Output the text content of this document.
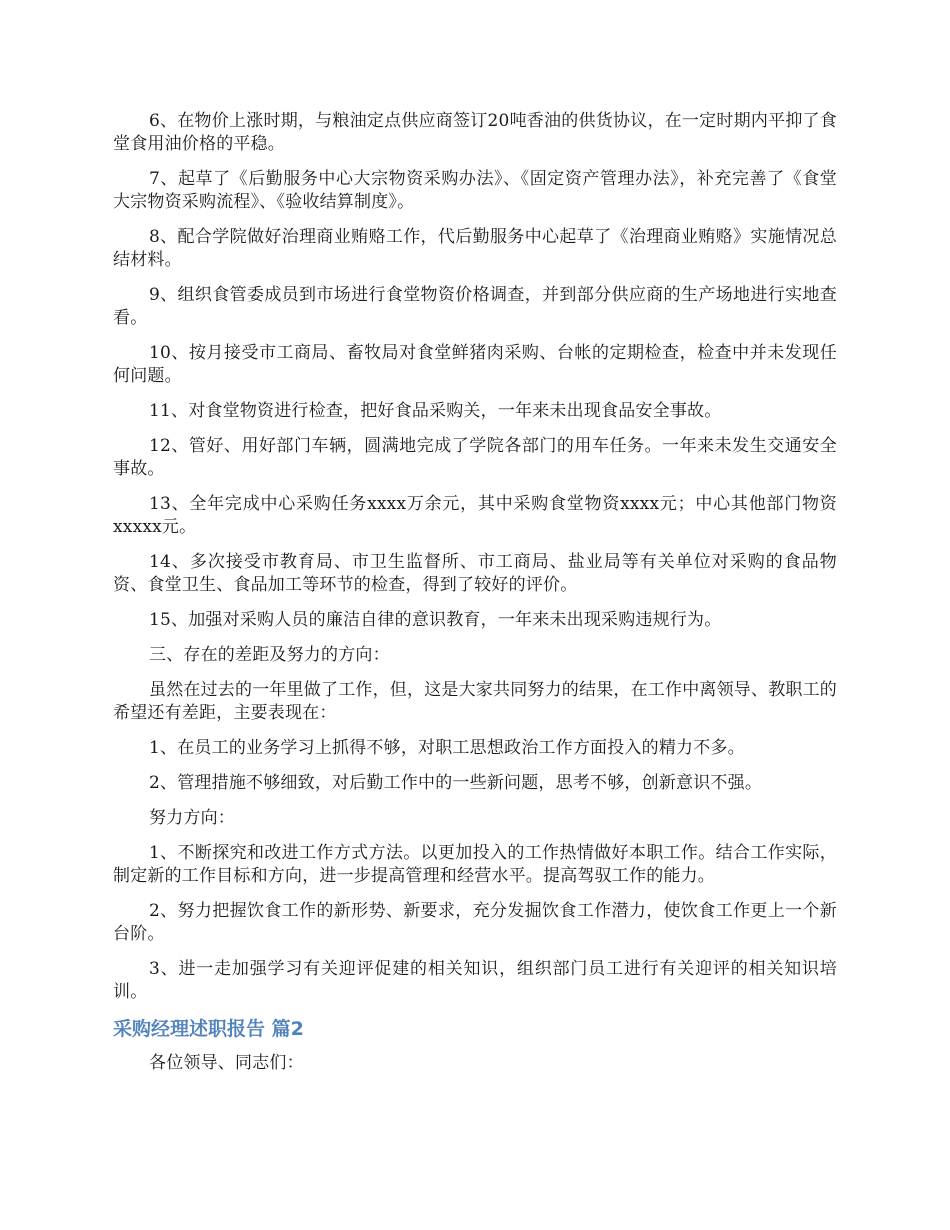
6、在物价上涨时期，与粮油定点供应商签订20吨香油的供货协议，在一定时期内平抑了食堂食用油价格的平稳。

7、起草了《后勤服务中心大宗物资采购办法》、《固定资产管理办法》，补充完善了《食堂大宗物资采购流程》、《验收结算制度》。

8、配合学院做好治理商业贿赂工作，代后勤服务中心起草了《治理商业贿赂》实施情况总结材料。

9、组织食管委成员到市场进行食堂物资价格调查，并到部分供应商的生产场地进行实地查看。

10、按月接受市工商局、畜牧局对食堂鲜猪肉采购、台帐的定期检查，检查中并未发现任何问题。

11、对食堂物资进行检查，把好食品采购关，一年来未出现食品安全事故。

12、管好、用好部门车辆，圆满地完成了学院各部门的用车任务。一年来未发生交通安全事故。

13、全年完成中心采购任务xxxx万余元，其中采购食堂物资xxxx元；中心其他部门物资xxxxx元。

14、多次接受市教育局、市卫生监督所、市工商局、盐业局等有关单位对采购的食品物资、食堂卫生、食品加工等环节的检查，得到了较好的评价。

15、加强对采购人员的廉洁自律的意识教育，一年来未出现采购违规行为。

三、存在的差距及努力的方向：

虽然在过去的一年里做了工作，但，这是大家共同努力的结果，在工作中离领导、教职工的希望还有差距，主要表现在：

1、在员工的业务学习上抓得不够，对职工思想政治工作方面投入的精力不多。

2、管理措施不够细致，对后勤工作中的一些新问题，思考不够，创新意识不强。

努力方向：

1、不断探究和改进工作方式方法。以更加投入的工作热情做好本职工作。结合工作实际，制定新的工作目标和方向，进一步提高管理和经营水平。提高驾驭工作的能力。

2、努力把握饮食工作的新形势、新要求，充分发掘饮食工作潜力，使饮食工作更上一个新台阶。

3、进一走加强学习有关迎评促建的相关知识，组织部门员工进行有关迎评的相关知识培训。

采购经理述职报告 篇2

各位领导、同志们：
